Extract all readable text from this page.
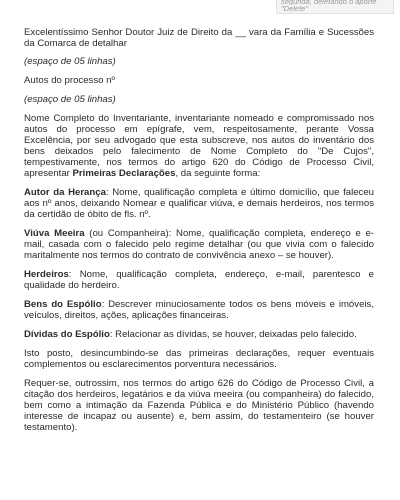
segunda, deletando o aporte
"Delete"

Excelentíssimo Senhor Doutor Juiz de Direito da __ vara da Família e Sucessões da Comarca de detalhar

(espaço de 05 linhas)

Autos do processo nº

(espaço de 05 linhas)

Nome Completo do Inventariante, inventariante nomeado e compromissado nos autos do processo em epígrafe, vem, respeitosamente, perante Vossa Excelência, por seu advogado que esta subscreve, nos autos do inventário dos bens deixados pelo falecimento de Nome Completo do "De Cujos", tempestivamente, nos termos do artigo 620 do Código de Processo Civil, apresentar Primeiras Declarações, da seguinte forma:

Autor da Herança: Nome, qualificação completa e último domicílio, que faleceu aos nº anos, deixando Nomear e qualificar viúva, e demais herdeiros, nos termos da certidão de óbito de fls. nº.

Viúva Meeira (ou Companheira): Nome, qualificação completa, endereço e e-mail, casada com o falecido pelo regime detalhar (ou que vivia com o falecido maritalmente nos termos do contrato de convivência anexo – se houver).

Herdeiros: Nome, qualificação completa, endereço, e-mail, parentesco e qualidade do herdeiro.

Bens do Espólio: Descrever minuciosamente todos os bens móveis e imóveis, veículos, direitos, ações, aplicações financeiras.

Dívidas do Espólio: Relacionar as dívidas, se houver, deixadas pelo falecido.

Isto posto, desincumbindo-se das primeiras declarações, requer eventuais complementos ou esclarecimentos porventura necessários.

Requer-se, outrossim, nos termos do artigo 626 do Código de Processo Civil, a citação dos herdeiros, legatários e da viúva meeira (ou companheira) do falecido, bem como a intimação da Fazenda Pública e do Ministério Público (havendo interesse de incapaz ou ausente) e, bem assim, do testamenteiro (se houver testamento).
